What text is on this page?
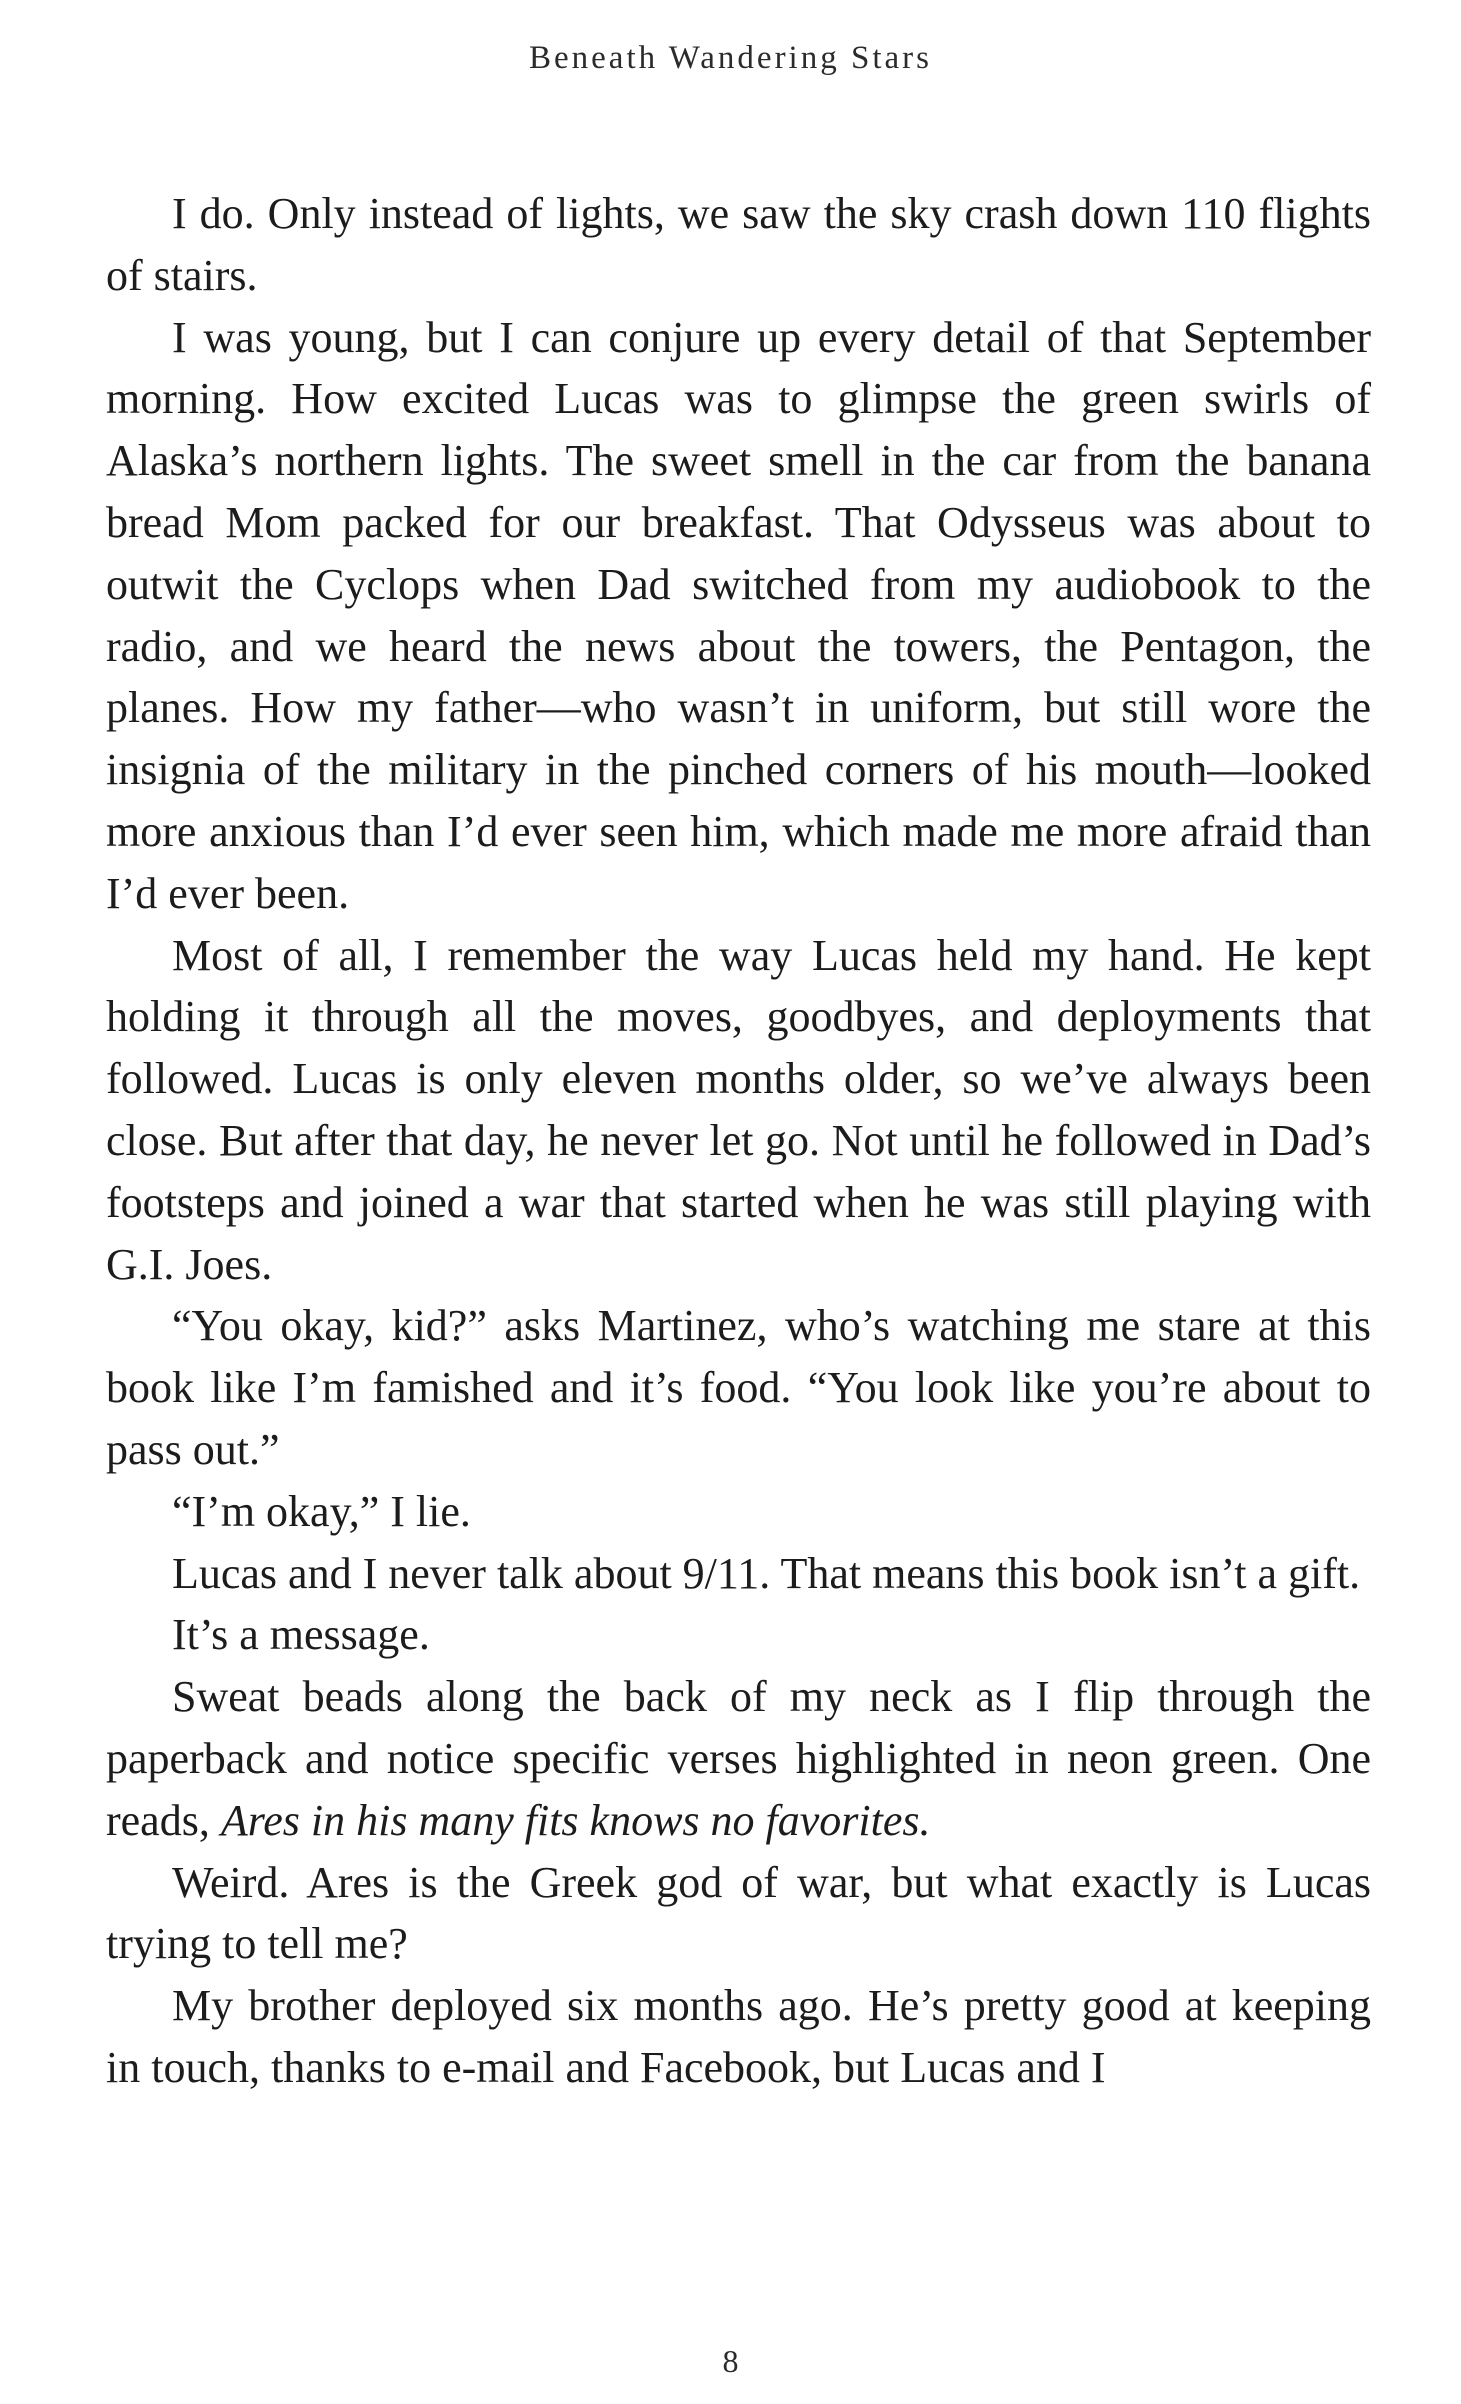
Beneath Wandering Stars

I do. Only instead of lights, we saw the sky crash down 110 flights of stairs.

I was young, but I can conjure up every detail of that September morning. How excited Lucas was to glimpse the green swirls of Alaska’s northern lights. The sweet smell in the car from the banana bread Mom packed for our breakfast. That Odysseus was about to outwit the Cyclops when Dad switched from my audiobook to the radio, and we heard the news about the towers, the Pentagon, the planes. How my father—who wasn’t in uniform, but still wore the insignia of the military in the pinched corners of his mouth—looked more anxious than I’d ever seen him, which made me more afraid than I’d ever been.

Most of all, I remember the way Lucas held my hand. He kept holding it through all the moves, goodbyes, and deployments that followed. Lucas is only eleven months older, so we’ve always been close. But after that day, he never let go. Not until he followed in Dad’s footsteps and joined a war that started when he was still playing with G.I. Joes.

“You okay, kid?” asks Martinez, who’s watching me stare at this book like I’m famished and it’s food. “You look like you’re about to pass out.”

“I’m okay,” I lie.

Lucas and I never talk about 9/11. That means this book isn’t a gift.

It’s a message.

Sweat beads along the back of my neck as I flip through the paperback and notice specific verses highlighted in neon green. One reads, Ares in his many fits knows no favorites.

Weird. Ares is the Greek god of war, but what exactly is Lucas trying to tell me?

My brother deployed six months ago. He’s pretty good at keeping in touch, thanks to e-mail and Facebook, but Lucas and I

8
